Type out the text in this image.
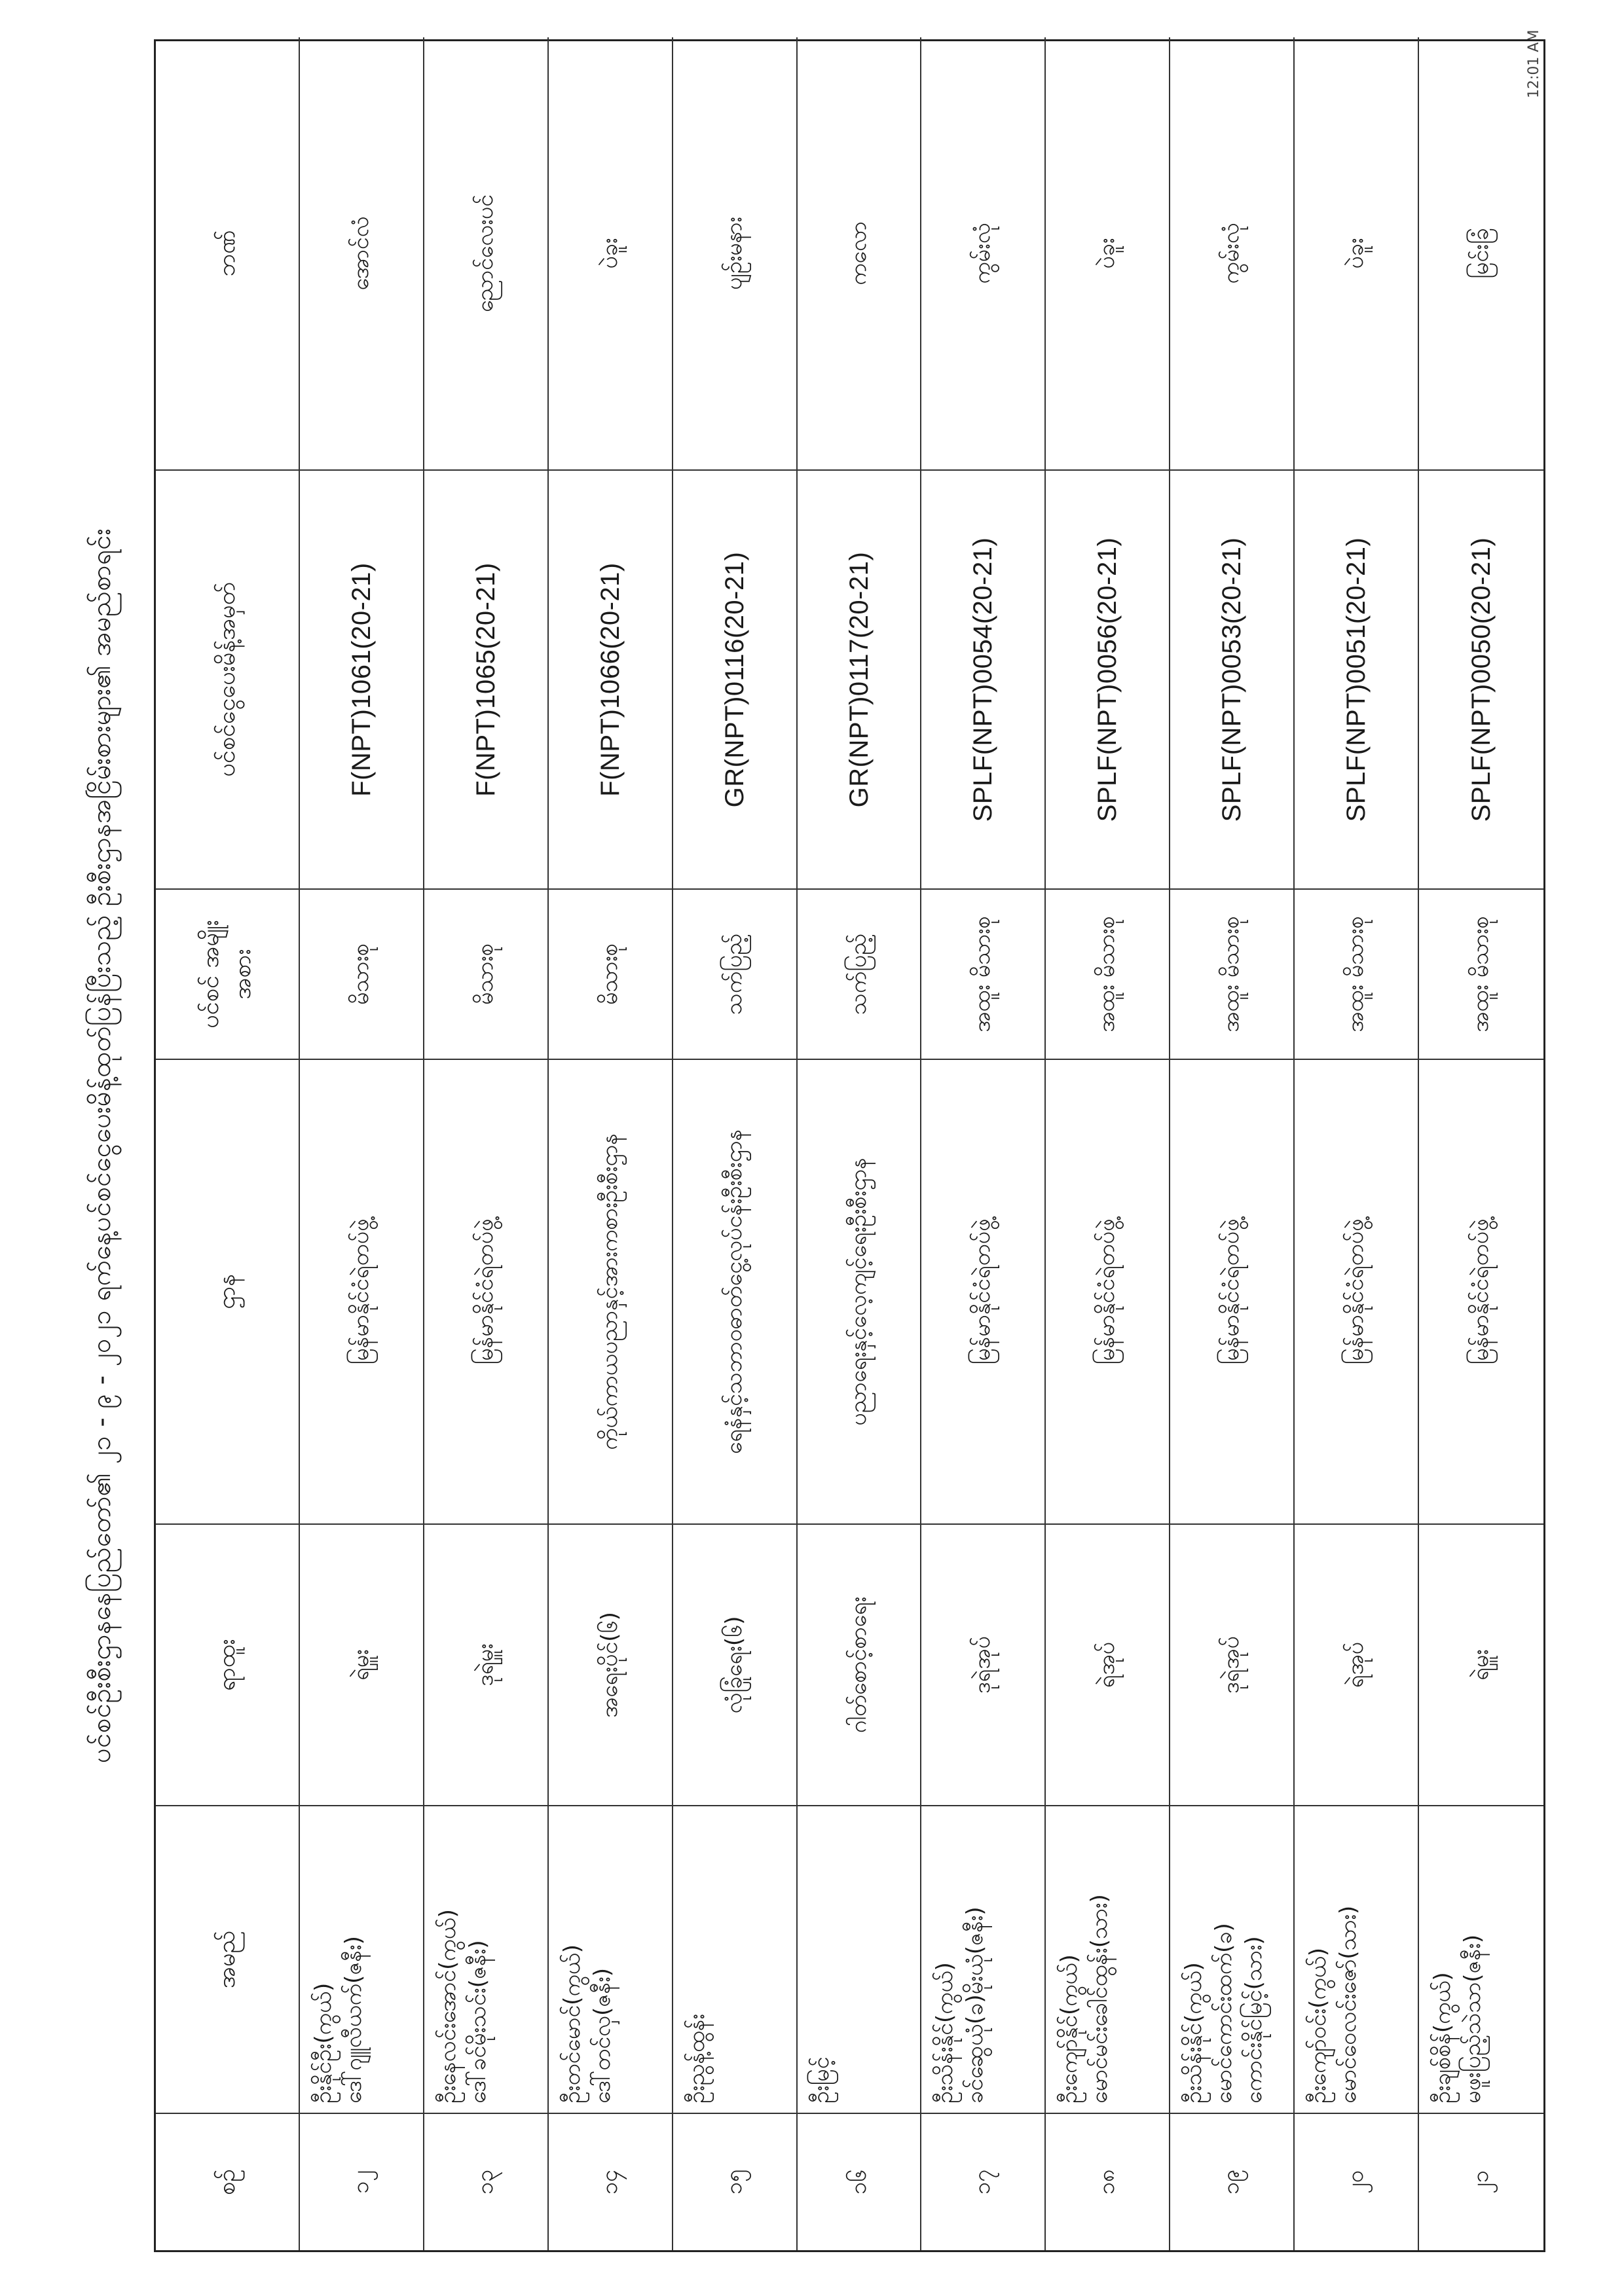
12:01 AM
ပင်စင်ဦးစီးဌာနနေပြည်တော်၏ ၂၁ - ၉ - ၂၀၂၁ ရက်နေ့ပင်စင်ငွေပေးမိန့်ထုတ်ပြန်ပြီးသည့် ဦးစီးဌာနအငြိမ်းစားများ၏ အမည်စာရင်း
စဉ်
အမည်
ရာထူး
ဌာန
ပင်စင် အမျိုးအစား
ပင်စင်ငွေပေးမိန့်အမှတ်
ဘဏ်
၁၂
ဦးနိုင်ဦး(ကွယ်) ဒေါ်ဂျူလီယက်(ဇနီး)
ရဲမှူး
မြန်မာနိုင်ငံရဲတပ်ဖွဲ့
မိသားစု
F(NPT)1061(20-21)
အောင်လံ
၁၃
ဦးနေလင်းအောင်(ကွယ်) ဒေါ်ခင်မိုးသင်း(ဇနီး)
ဒုရဲမှူး
မြန်မာနိုင်ငံရဲတပ်ဖွဲ့
မိသားစု
F(NPT)1065(20-21)
ညောင်လေးပင်
၁၄
ဦးတင်မောင်(ကွယ်) ဒေါ်တင်လှ(ဇနီး)
အရေးပိုင်(၆)
ကိုယ်ကာယပညာနှင့်အားကစားဦးစီးဌာန
မိသားစု
F(NPT)1066(20-21)
ပဲခူး
၁၅
ဦးညွန့်ထွန်း
လုံခြုံရေး(၆)
ရေနံနှင့်သဘာဝဓာတ်ငွေ့လုပ်ငန်းဦးစီးဌာန
သက်ပြည့်
GR(NPT)0116(20-21)
ပျဉ်းမနား
၁၆
ဦးမြင့်
ဂါတ်စောင့်စာရေး
ပညာရေးနှင့်လေ့ကျင့်ရေးဦးစီးဌာန
သက်ပြည့်
GR(NPT)0117(20-21)
ကလော
၁၇
ဦးသိန်းနိုင်(ကွယ်) ခင်ဆွေယုံ(ခ)မိုးယုံ(ဇနီး)
ဒုရဲအုပ်
မြန်မာနိုင်ငံရဲတပ်ဖွဲ့
အထူး မိသားစု
SPLF(NPT)0054(20-21)
ကွမ်းလုံ
၁၈
ဦးကျော်နိုင်(ကွယ်) မောင်မင်းခေါင်ထွန်း(သား)
ရဲအုပ်
မြန်မာနိုင်ငံရဲတပ်ဖွဲ့
အထူး မိသားစု
SPLF(NPT)0056(20-21)
ပဲခူး
၁၉
ဦးသိန်းနိုင်(ကွယ်) မောင်ကောင်းထက်(ခ) ကောင်းနိုင်မြင့်(သား)
ဒုရဲအုပ်
မြန်မာနိုင်ငံရဲတပ်ဖွဲ့
အထူး မိသားစု
SPLF(NPT)0053(20-21)
ကွမ်းလုံ
၂၀
ဦးကျော်ဝင်း(ကွယ်) မောင်ဝေလင်းဇော်(သား)
ရဲအုပ်
မြန်မာနိုင်ငံရဲတပ်ဖွဲ့
အထူး မိသားစု
SPLF(NPT)0051(20-21)
ပဲခူး
၂၁
ဦးချစ်စိန်(ကွယ်) မဖူးပြည့်သဲသာ(ဇနီး)
ရဲမှူး
မြန်မာနိုင်ငံရဲတပ်ဖွဲ့
အထူး မိသားစု
SPLF(NPT)0050(20-21)
မြင်းခြံ
